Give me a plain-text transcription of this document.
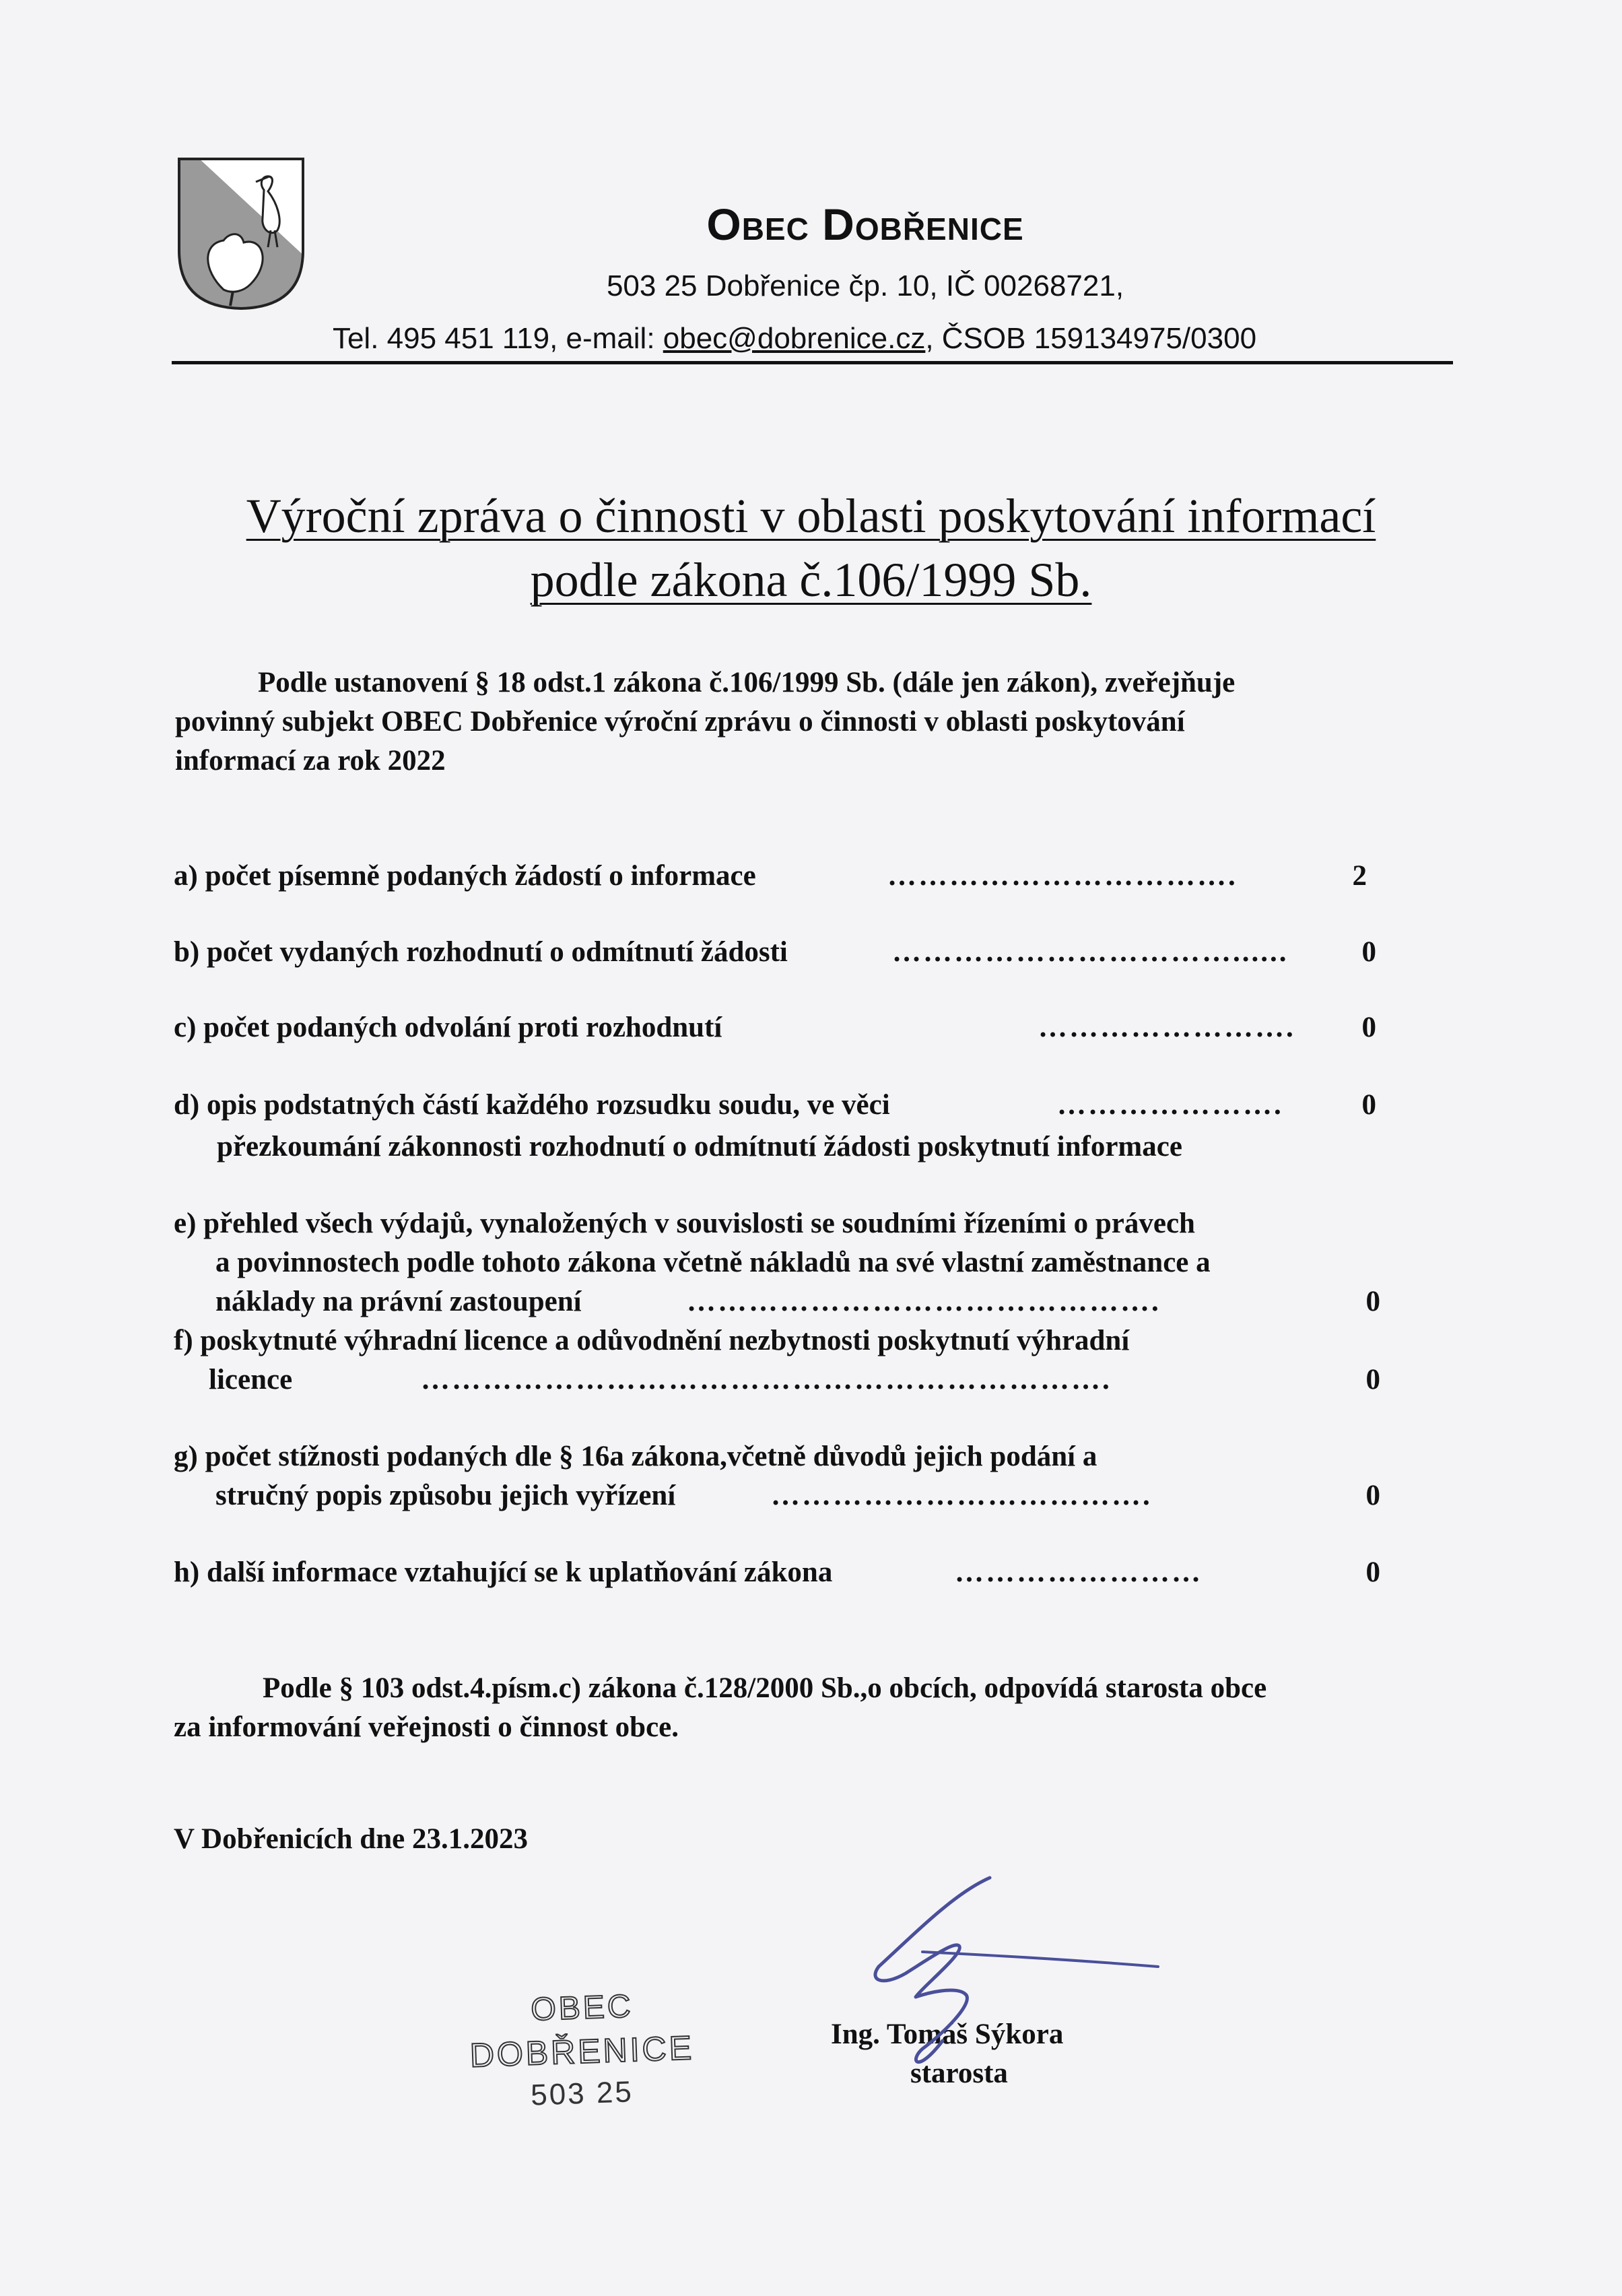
Obec Dobřenice
503 25 Dobřenice čp. 10, IČ 00268721,
Tel. 495 451 119, e-mail: obec@dobrenice.cz, ČSOB 159134975/0300
Výroční zpráva o činnosti v oblasti poskytování informací
podle zákona č.106/1999 Sb.
Podle ustanovení § 18 odst.1 zákona č.106/1999 Sb. (dále jen zákon), zveřejňuje
povinný subjekt OBEC Dobřenice výroční zprávu o činnosti v oblasti poskytování
informací za rok 2022
a) počet písemně podaných žádostí o informace	…………………………….	2
b) počet vydaných rozhodnutí o odmítnutí žádosti	……………………………......	0
c) počet podaných odvolání proti rozhodnutí	…………………….	0
d) opis podstatných částí každého rozsudku soudu, ve věci	………………….	0
přezkoumání zákonnosti rozhodnutí o odmítnutí žádosti poskytnutí informace
e) přehled všech výdajů, vynaložených v souvislosti se soudními řízeními o právech
a povinnostech podle tohoto zákona včetně nákladů na své vlastní zaměstnance a
náklady na právní zastoupení	……………………………………….	0
f) poskytnuté výhradní licence a odůvodnění nezbytnosti poskytnutí výhradní
licence	………………………………………………………….	0
g) počet stížnosti podaných dle § 16a zákona,včetně důvodů jejich podání a
stručný popis způsobu jejich vyřízení	……………………………….	0
h) další informace vztahující se k uplatňování zákona	……………………	0
Podle § 103 odst.4.písm.c) zákona č.128/2000 Sb.,o obcích, odpovídá starosta obce
za informování veřejnosti o činnost obce.
V Dobřenicích dne 23.1.2023
OBEC
DOBŘENICE
503 25
Ing. Tomáš Sýkora
starosta
